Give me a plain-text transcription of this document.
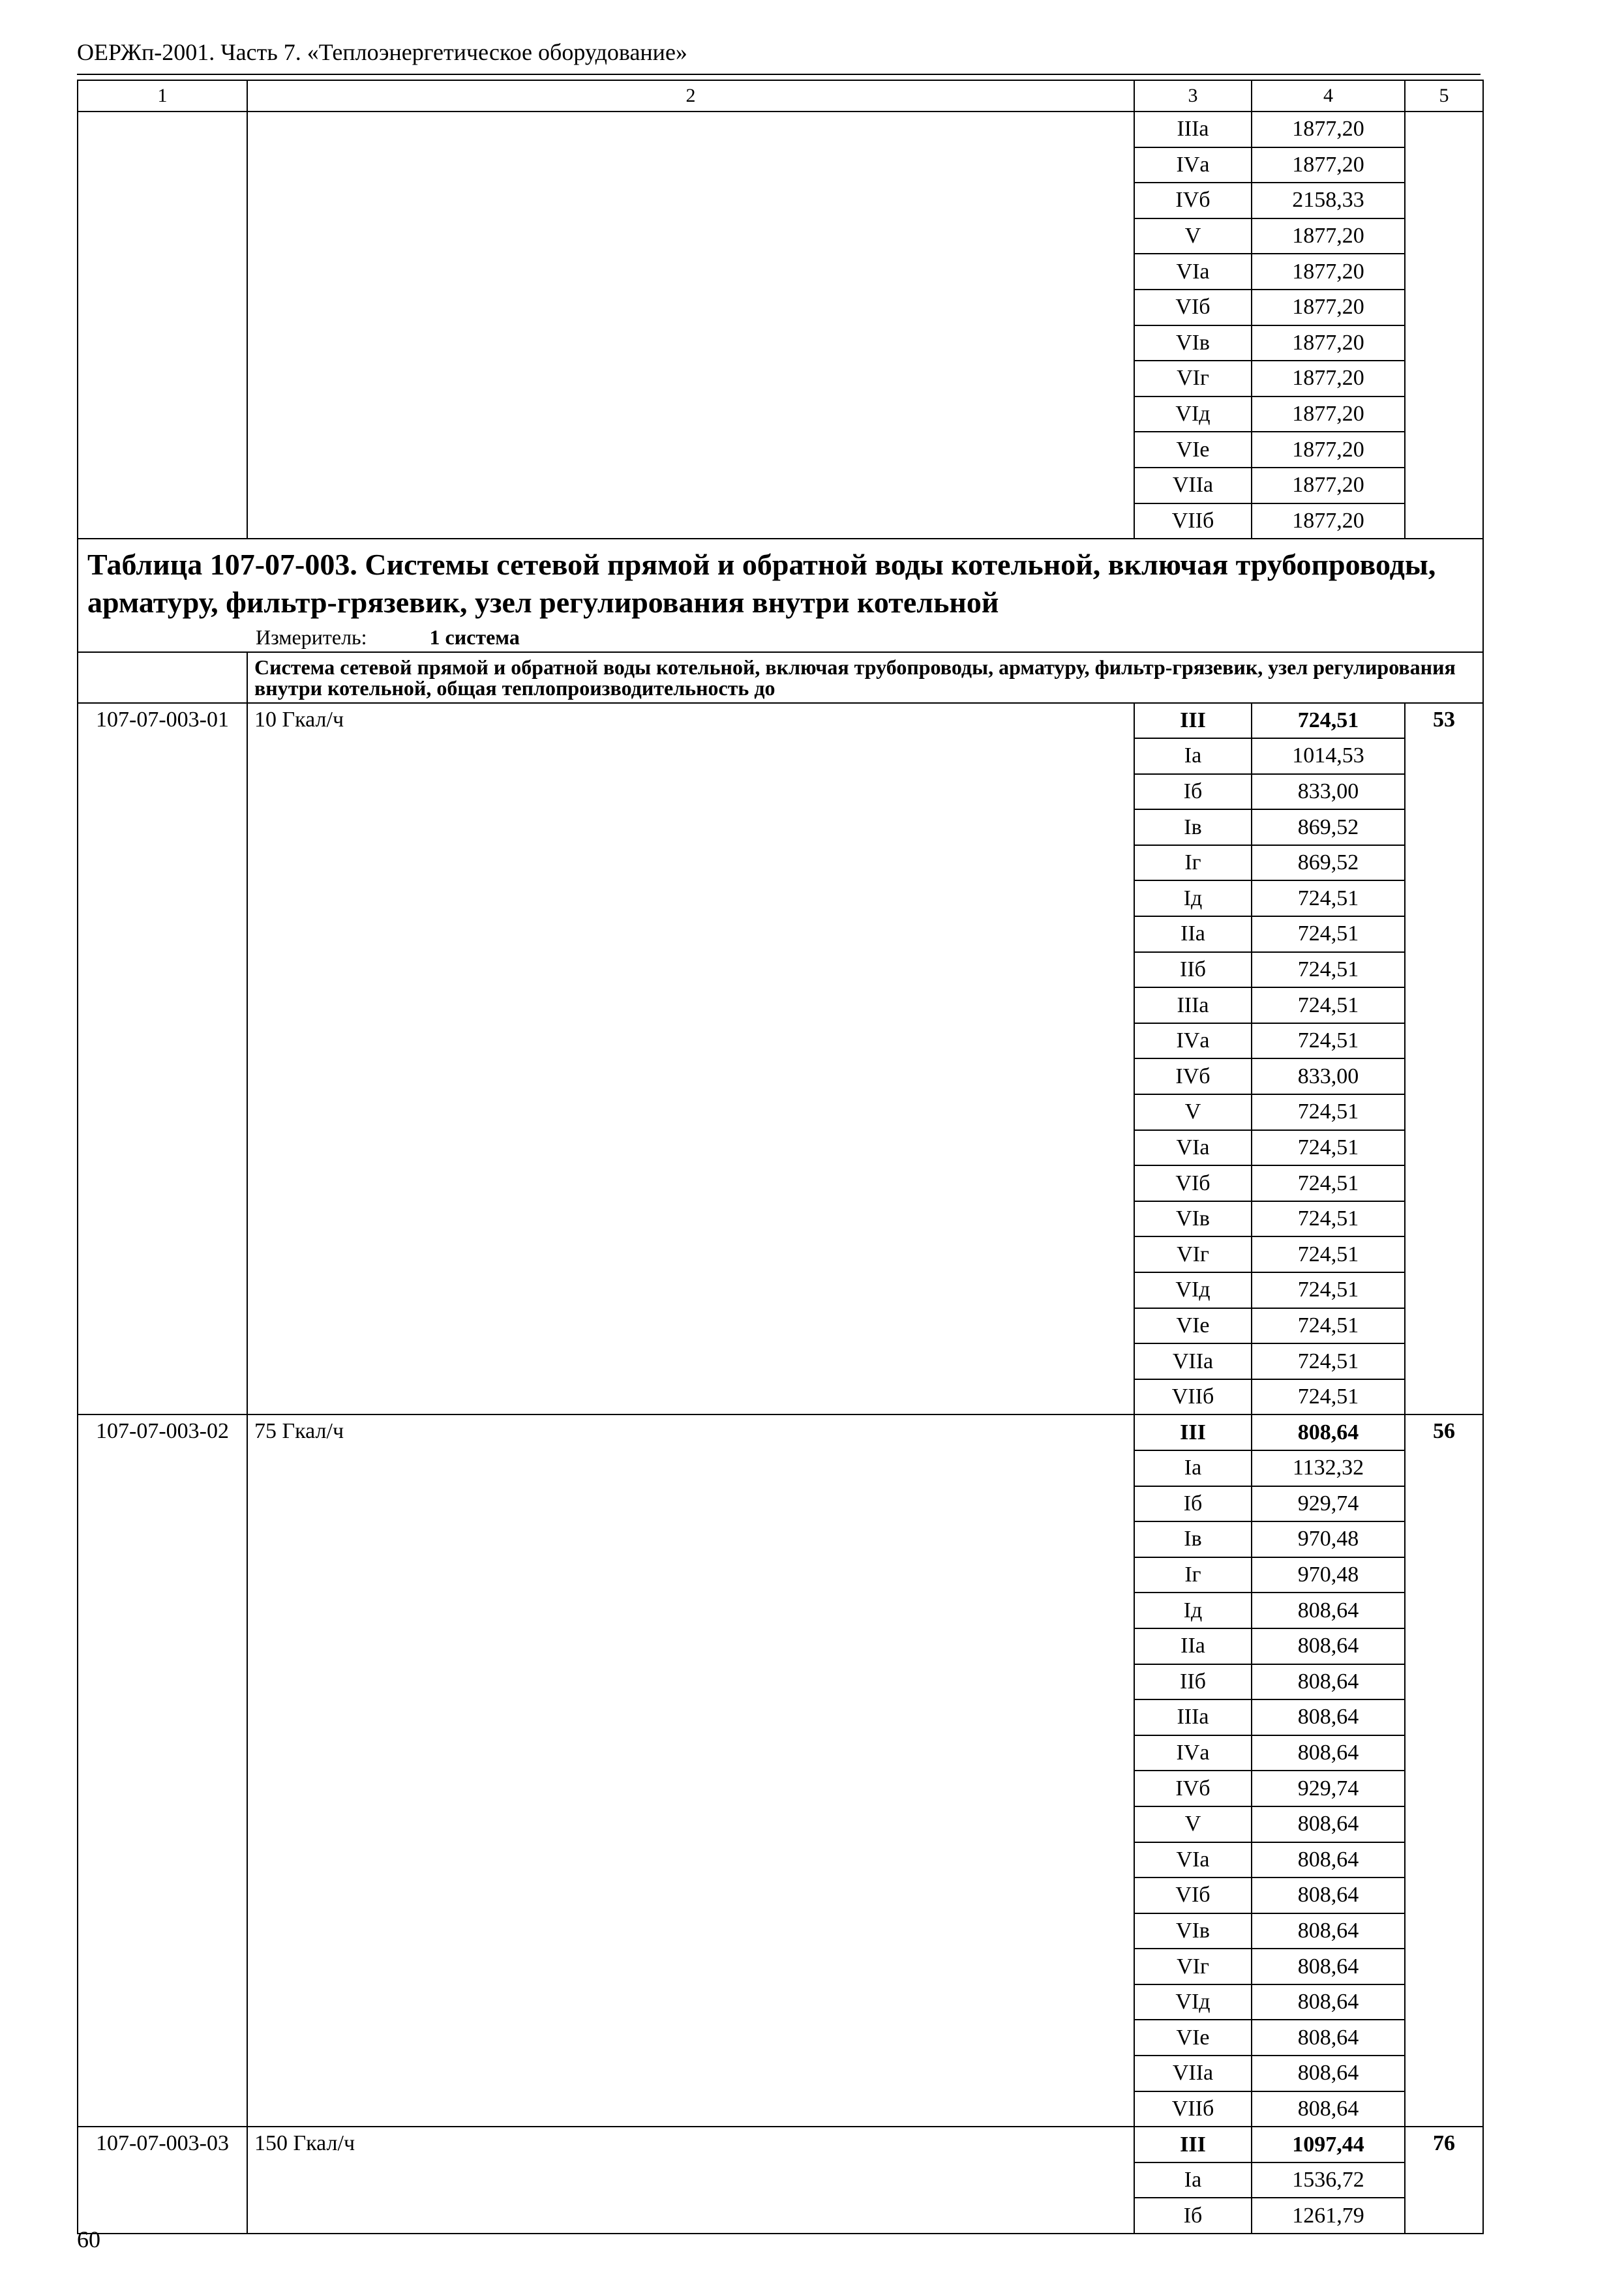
ОЕРЖп-2001. Часть 7. «Теплоэнергетическое оборудование»
1	2	3	4	5
		IIIа	1877,20	
		IVа	1877,20	
		IVб	2158,33	
		V	1877,20	
		VIа	1877,20	
		VIб	1877,20	
		VIв	1877,20	
		VIг	1877,20	
		VIд	1877,20	
		VIе	1877,20	
		VIIа	1877,20	
		VIIб	1877,20	

Таблица 107-07-003. Системы сетевой прямой и обратной воды котельной, включая трубопроводы, арматуру, фильтр-грязевик, узел регулирования внутри котельной
Измеритель: 1 система				

	Система сетевой прямой и обратной воды котельной, включая трубопроводы, арматуру, фильтр-грязевик, узел регулирования внутри котельной, общая теплопроизводительность до			
107-07-003-01	10 Гкал/ч	III	724,51	53
		Iа	1014,53	
		Iб	833,00	
		Iв	869,52	
		Iг	869,52	
		Iд	724,51	
		IIа	724,51	
		IIб	724,51	
		IIIа	724,51	
		IVа	724,51	
		IVб	833,00	
		V	724,51	
		VIа	724,51	
		VIб	724,51	
		VIв	724,51	
		VIг	724,51	
		VIд	724,51	
		VIе	724,51	
		VIIа	724,51	
		VIIб	724,51	
107-07-003-02	75 Гкал/ч	III	808,64	56
		Iа	1132,32	
		Iб	929,74	
		Iв	970,48	
		Iг	970,48	
		Iд	808,64	
		IIа	808,64	
		IIб	808,64	
		IIIа	808,64	
		IVа	808,64	
		IVб	929,74	
		V	808,64	
		VIа	808,64	
		VIб	808,64	
		VIв	808,64	
		VIг	808,64	
		VIд	808,64	
		VIе	808,64	
		VIIа	808,64	
		VIIб	808,64	
107-07-003-03	150 Гкал/ч	III	1097,44	76
		Iа	1536,72	
		Iб	1261,79	
60
